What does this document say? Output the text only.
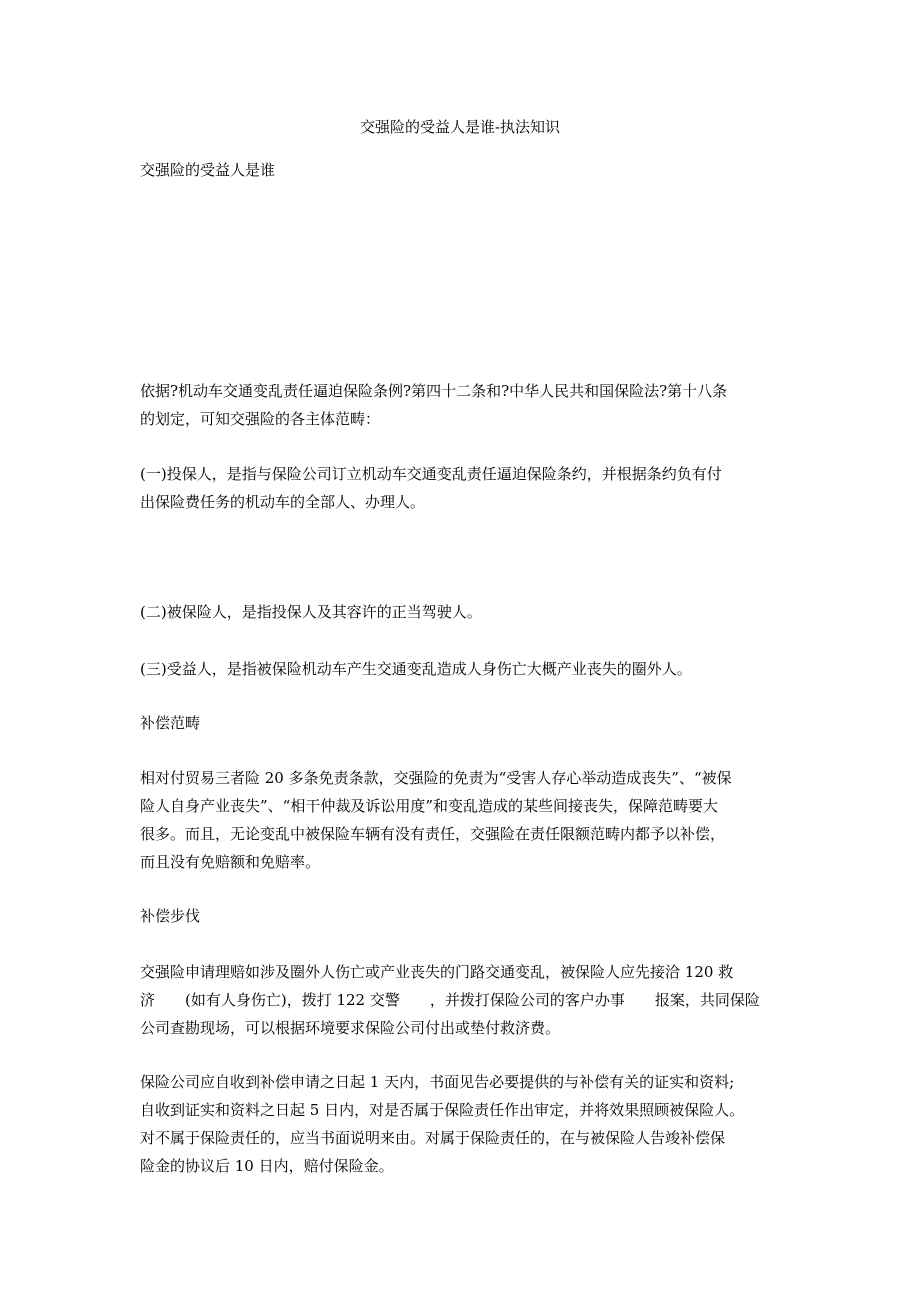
交强险的受益人是谁-执法知识

交强险的受益人是谁

依据?机动车交通变乱责任逼迫保险条例?第四十二条和?中华人民共和国保险法?第十八条
的划定，可知交强险的各主体范畴：

(一)投保人，是指与保险公司订立机动车交通变乱责任逼迫保险条约，并根据条约负有付
出保险费任务的机动车的全部人、办理人。

(二)被保险人，是指投保人及其容许的正当驾驶人。

(三)受益人，是指被保险机动车产生交通变乱造成人身伤亡大概产业丧失的圈外人。

补偿范畴

相对付贸易三者险 20 多条免责条款，交强险的免责为“受害人存心举动造成丧失”、“被保
险人自身产业丧失”、“相干仲裁及诉讼用度”和变乱造成的某些间接丧失，保障范畴要大
很多。而且，无论变乱中被保险车辆有没有责任，交强险在责任限额范畴内都予以补偿，
而且没有免赔额和免赔率。

补偿步伐

交强险申请理赔如涉及圈外人伤亡或产业丧失的门路交通变乱，被保险人应先接洽 120 救
济　　(如有人身伤亡)，拨打 122 交警　　，并拨打保险公司的客户办事　　报案，共同保险
公司查勘现场，可以根据环境要求保险公司付出或垫付救济费。

保险公司应自收到补偿申请之日起 1 天内，书面见告必要提供的与补偿有关的证实和资料;
自收到证实和资料之日起 5 日内，对是否属于保险责任作出审定，并将效果照顾被保险人。
对不属于保险责任的，应当书面说明来由。对属于保险责任的，在与被保险人告竣补偿保
险金的协议后 10 日内，赔付保险金。
